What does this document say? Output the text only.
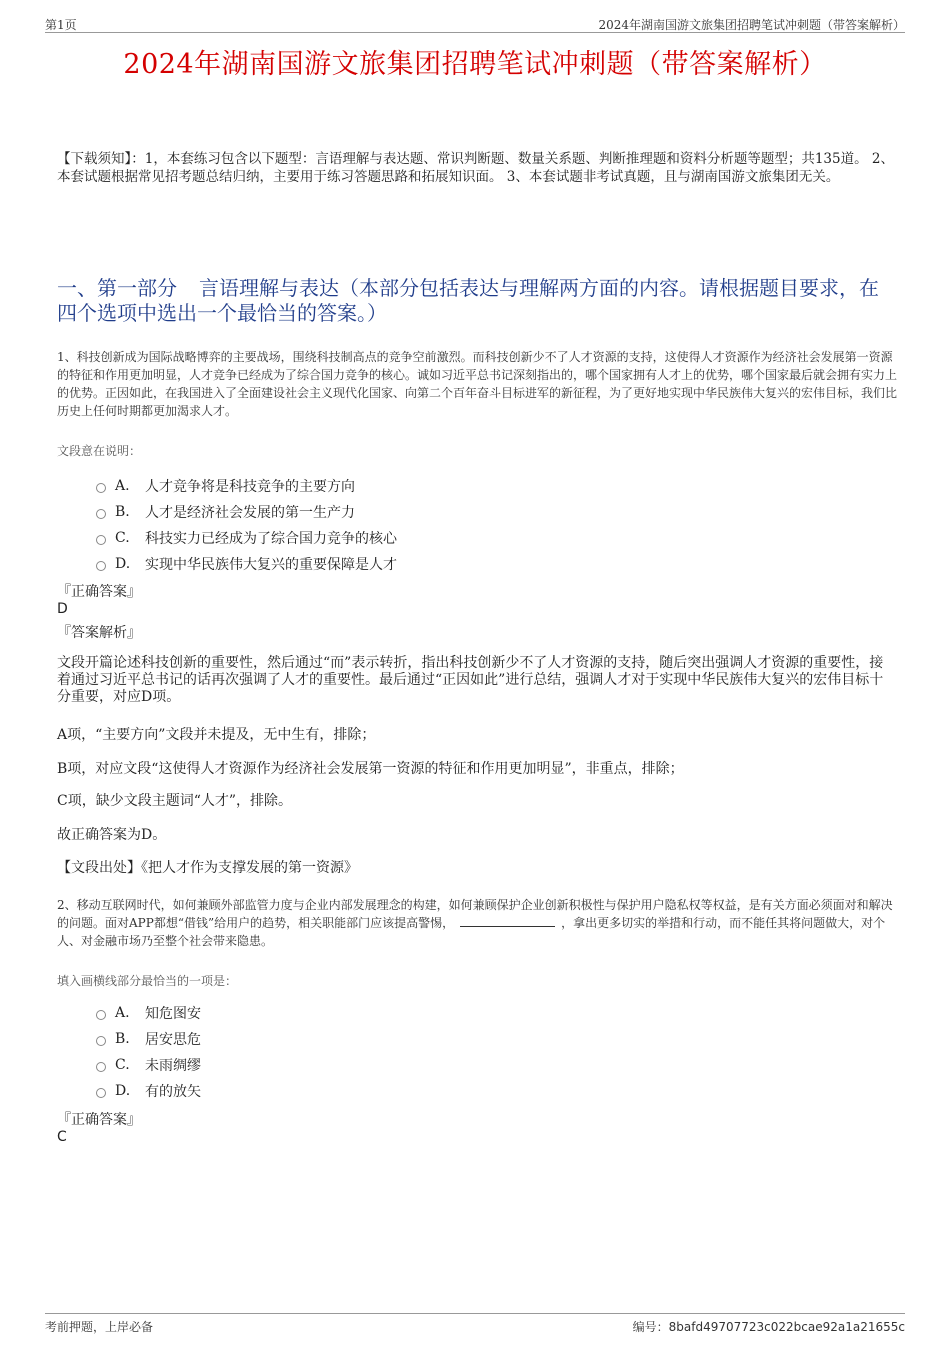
第1页	2024年湖南国游文旅集团招聘笔试冲刺题（带答案解析）
2024年湖南国游文旅集团招聘笔试冲刺题（带答案解析）
【下载须知】：1，本套练习包含以下题型：言语理解与表达题、常识判断题、数量关系题、判断推理题和资料分析题等题型；共135道。 2、本套试题根据常见招考题总结归纳，主要用于练习答题思路和拓展知识面。 3、本套试题非考试真题，且与湖南国游文旅集团无关。
一、第一部分 言语理解与表达（本部分包括表达与理解两方面的内容。请根据题目要求，在四个选项中选出一个最恰当的答案。）
1、科技创新成为国际战略博弈的主要战场，围绕科技制高点的竞争空前激烈。而科技创新少不了人才资源的支持，这使得人才资源作为经济社会发展第一资源的特征和作用更加明显，人才竞争已经成为了综合国力竞争的核心。诚如习近平总书记深刻指出的，哪个国家拥有人才上的优势，哪个国家最后就会拥有实力上的优势。正因如此，在我国进入了全面建设社会主义现代化国家、向第二个百年奋斗目标进军的新征程，为了更好地实现中华民族伟大复兴的宏伟目标，我们比历史上任何时期都更加渴求人才。
文段意在说明：
A.	人才竞争将是科技竞争的主要方向
B.	人才是经济社会发展的第一生产力
C.	科技实力已经成为了综合国力竞争的核心
D.	实现中华民族伟大复兴的重要保障是人才
『正确答案』
D
『答案解析』
文段开篇论述科技创新的重要性，然后通过“而”表示转折，指出科技创新少不了人才资源的支持，随后突出强调人才资源的重要性，接着通过习近平总书记的话再次强调了人才的重要性。最后通过“正因如此”进行总结，强调人才对于实现中华民族伟大复兴的宏伟目标十分重要，对应D项。
A项，“主要方向”文段并未提及，无中生有，排除；
B项，对应文段“这使得人才资源作为经济社会发展第一资源的特征和作用更加明显”，非重点，排除；
C项，缺少文段主题词“人才”，排除。
故正确答案为D。
【文段出处】《把人才作为支撑发展的第一资源》
2、移动互联网时代，如何兼顾外部监管力度与企业内部发展理念的构建，如何兼顾保护企业创新积极性与保护用户隐私权等权益，是有关方面必须面对和解决的问题。面对APP都想“借钱”给用户的趋势，相关职能部门应该提高警惕，	，拿出更多切实的举措和行动，而不能任其将问题做大，对个人、对金融市场乃至整个社会带来隐患。
填入画横线部分最恰当的一项是：
A.	知危图安
B.	居安思危
C.	未雨绸缪
D.	有的放矢
『正确答案』
C
考前押题，上岸必备	编号：8bafd49707723c022bcae92a1a21655c
